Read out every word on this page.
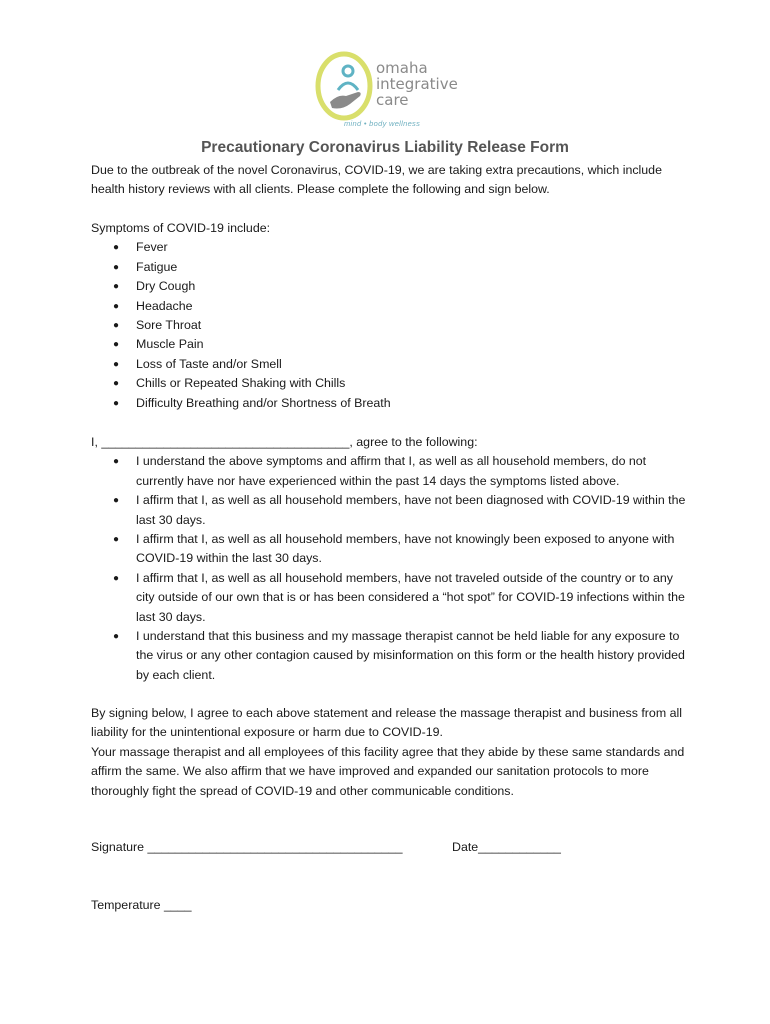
omaha
integrative
care
mind • body wellness
Precautionary Coronavirus Liability Release Form

Due to the outbreak of the novel Coronavirus, COVID-19, we are taking extra precautions, which include health history reviews with all clients. Please complete the following and sign below.

Symptoms of COVID-19 include:

● Fever
● Fatigue
● Dry Cough
● Headache
● Sore Throat
● Muscle Pain
● Loss of Taste and/or Smell
● Chills or Repeated Shaking with Chills
● Difficulty Breathing and/or Shortness of Breath

I, ____________________________________, agree to the following:

● I understand the above symptoms and affirm that I, as well as all household members, do not currently have nor have experienced within the past 14 days the symptoms listed above.
● I affirm that I, as well as all household members, have not been diagnosed with COVID-19 within the last 30 days.
● I affirm that I, as well as all household members, have not knowingly been exposed to anyone with COVID-19 within the last 30 days.
● I affirm that I, as well as all household members, have not traveled outside of the country or to any city outside of our own that is or has been considered a “hot spot” for COVID-19 infections within the last 30 days.
● I understand that this business and my massage therapist cannot be held liable for any exposure to the virus or any other contagion caused by misinformation on this form or the health history provided by each client.

By signing below, I agree to each above statement and release the massage therapist and business from all liability for the unintentional exposure or harm due to COVID-19.

Your massage therapist and all employees of this facility agree that they abide by these same standards and affirm the same. We also affirm that we have improved and expanded our sanitation protocols to more thoroughly fight the spread of COVID-19 and other communicable conditions.

Signature _____________________________________	Date____________
Temperature ____
